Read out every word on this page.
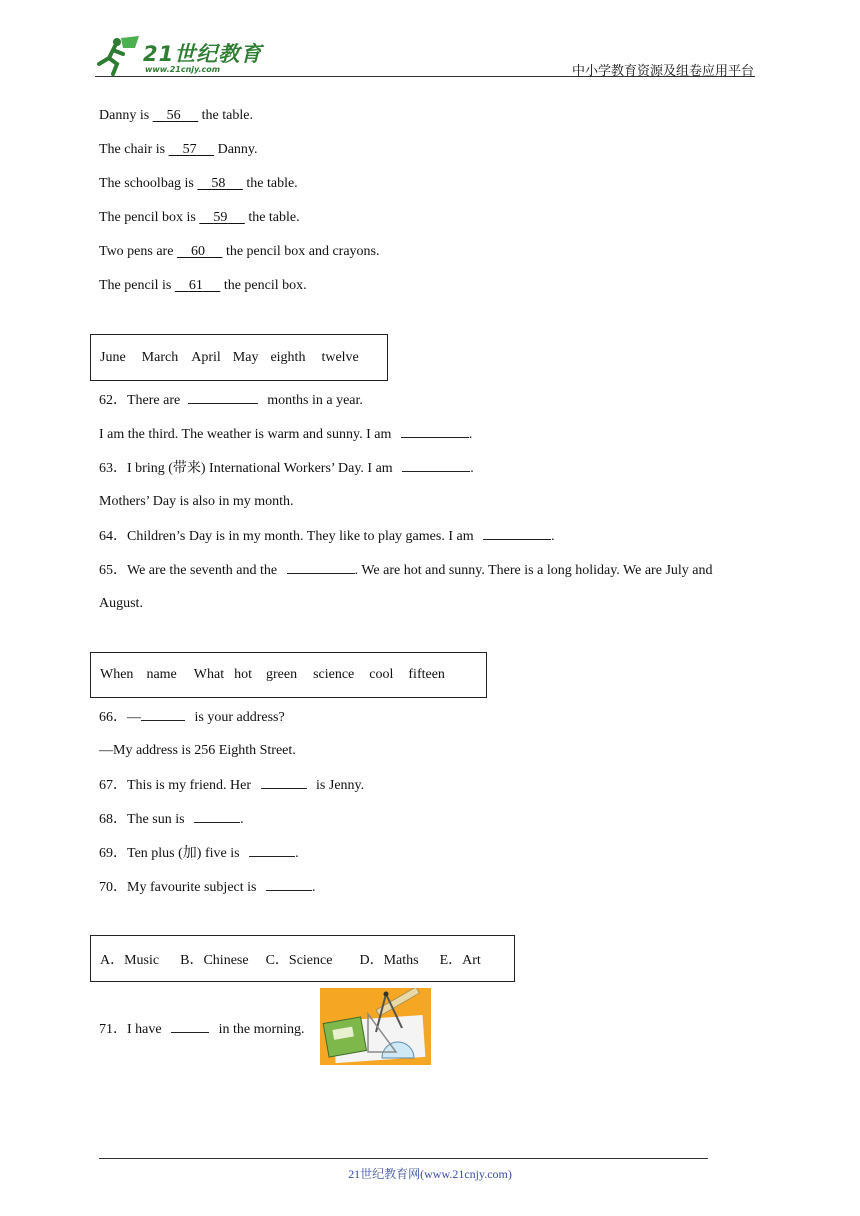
21世纪教育
www.21cnjy.com	中小学教育资源及组卷应用平台
Danny is     56      the table.
The chair is     57      Danny.
The schoolbag is     58      the table.
The pencil box is     59      the table.
Two pens are     60      the pencil box and crayons.
The pencil is     61      the pencil box.
June March April May eighth twelve
62．There are	months in a year.
I am the third. The weather is warm and sunny. I am	.
63．I bring (带来) International Workers’ Day. I am	.
Mothers’ Day is also in my month.
64．Children’s Day is in my month. They like to play games. I am	.
65．We are the seventh and the	. We are hot and sunny. There is a long holiday. We are July and
August.
When name What hot green science cool fifteen
66．—	is your address?
—My address is 256 Eighth Street.
67．This is my friend. Her	is Jenny.
68．The sun is	.
69．Ten plus (加) five is	.
70．My favourite subject is	.
A．Music B．Chinese C．Science D．Maths E．Art
71．I have	in the morning.
21世纪教育网(www.21cnjy.com)
